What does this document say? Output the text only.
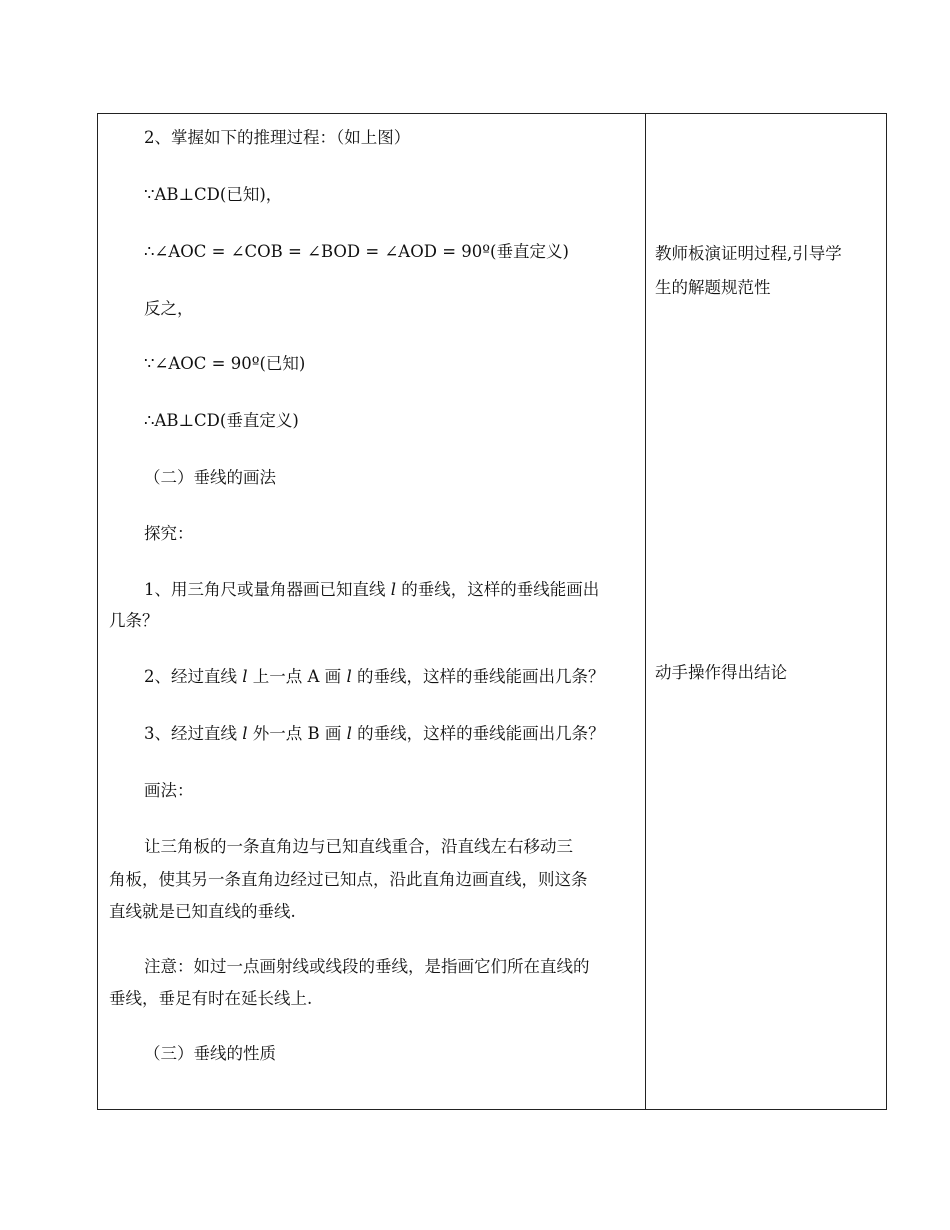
2、掌握如下的推理过程：（如上图）
∵AB⊥CD(已知)，
∴∠AOC = ∠COB = ∠BOD = ∠AOD = 90º(垂直定义)
反之，
∵∠AOC = 90º(已知)
∴AB⊥CD(垂直定义)
（二）垂线的画法
探究：
1、用三角尺或量角器画已知直线 l 的垂线，这样的垂线能画出
几条？
2、经过直线 l 上一点 A 画 l 的垂线，这样的垂线能画出几条？
3、经过直线 l 外一点 B 画 l 的垂线，这样的垂线能画出几条？
画法：
让三角板的一条直角边与已知直线重合，沿直线左右移动三
角板，使其另一条直角边经过已知点，沿此直角边画直线，则这条
直线就是已知直线的垂线.
注意：如过一点画射线或线段的垂线，是指画它们所在直线的
垂线，垂足有时在延长线上.
（三）垂线的性质
教师板演证明过程,引导学
生的解题规范性
动手操作得出结论
